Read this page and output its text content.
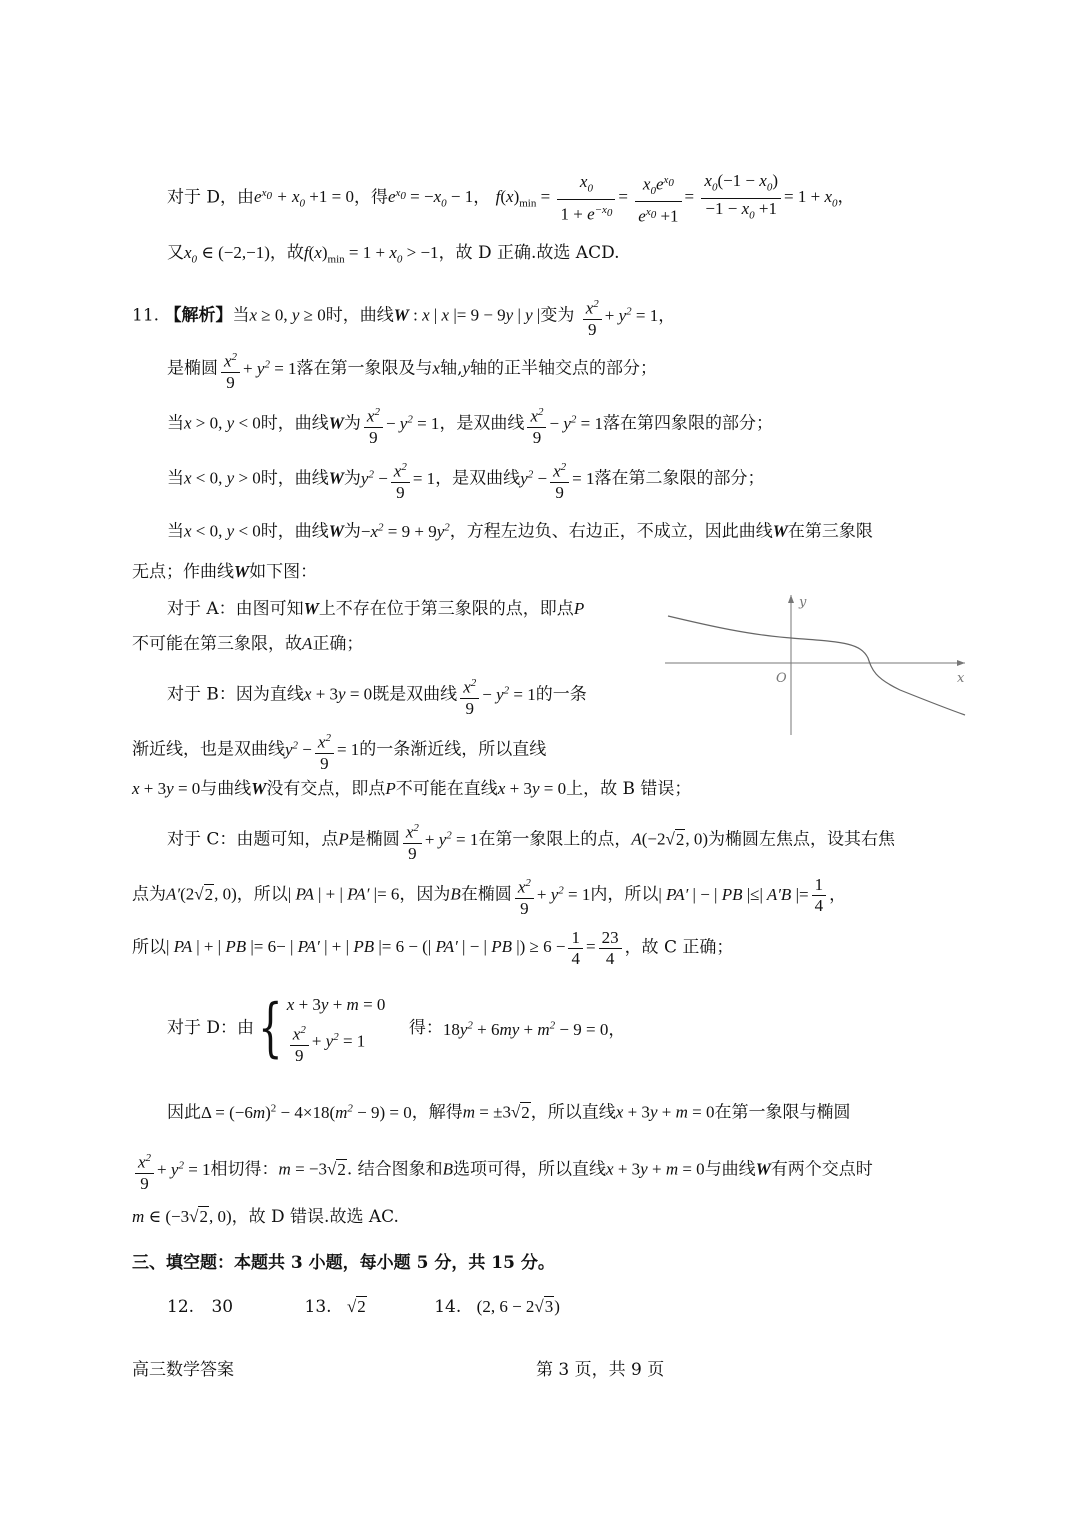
对于 D，由$e^{x_0} + x_0 +1 = 0$，得$e^{x_0} = -x_0 - 1$， $f(x)_{min} = \frac{x_0}{1 + e^{-x_0}} = \frac{x_0e^{x_0}}{e^{x_0} +1} = \frac{x_0(-1 - x_0)}{-1 - x_0 +1} = 1 + x_0$，
又$x_0$ ∈ (−2,−1)，故$f(x)_{min} = 1 + x_0 > -1$，故 D 正确.故选 ACD.
11. 【解析】当x ≥ 0, y ≥ 0时，曲线W : x | x |= 9 − 9y | y |变为 $\frac{x^2}{9} + y^2 = 1$，
是椭圆 $\frac{x^2}{9} + y^2 = 1$落在第一象限及与x轴,y轴的正半轴交点的部分；
当x > 0, y < 0时，曲线W为 $\frac{x^2}{9} - y^2 = 1$，是双曲线 $\frac{x^2}{9} - y^2 = 1$落在第四象限的部分；
当x < 0, y > 0时，曲线W为$y^2 - \frac{x^2}{9} = 1$，是双曲线$y^2 - \frac{x^2}{9} = 1$落在第二象限的部分；
当x < 0, y < 0时，曲线W为$-x^2 = 9 + 9y^2$，方程左边负、右边正，不成立，因此曲线W在第三象限
无点；作曲线W如下图：
对于 A：由图可知W上不存在位于第三象限的点，即点P
不可能在第三象限，故A正确；
对于 B：因为直线x + 3y = 0既是双曲线 $\frac{x^2}{9} - y^2 = 1$的一条
渐近线，也是双曲线$y^2 - \frac{x^2}{9} = 1$的一条渐近线，所以直线
x + 3y = 0与曲线W没有交点，即点P不可能在直线x + 3y = 0上，故 B 错误；
y
x
O
对于 C：由题可知，点P是椭圆 $\frac{x^2}{9} + y^2 = 1$在第一象限上的点，A(−2√2, 0)为椭圆左焦点，设其右焦
点为A′(2√2, 0)，所以| PA | + | PA′ |= 6，因为B在椭圆 $\frac{x^2}{9} + y^2 = 1$内，所以| PA′ | − | PB |≤| A′B |= $\frac{1}{4}$ ，
所以| PA | + | PB |= 6− | PA′ | + | PB |= 6 − (| PA′ | − | PB |) ≥ $6 - \frac{1}{4} = \frac{23}{4}$ ，故 C 正确；
对于 D：由{ x + 3y + m = 0
$\frac{x^2}{9} + y^2 = 1$
得：$18y^2 + 6my + m^2 - 9 = 0$，
因此$\Delta = (-6m)^2 - 4\times 18(m^2 - 9) = 0$，解得m = ±3√2，所以直线x + 3y + m = 0在第一象限与椭圆
$\frac{x^2}{9} + y^2 = 1$相切得：m = −3√2. 结合图象和B选项可得，所以直线x + 3y + m = 0与曲线W有两个交点时
m ∈ (−3√2, 0)，故 D 错误.故选 AC.
三、填空题：本题共 3 小题，每小题 5 分，共 15 分。
12. 30	13. √2	14. (2, 6 − 2√3)
高三数学答案	第 3 页，共 9 页
